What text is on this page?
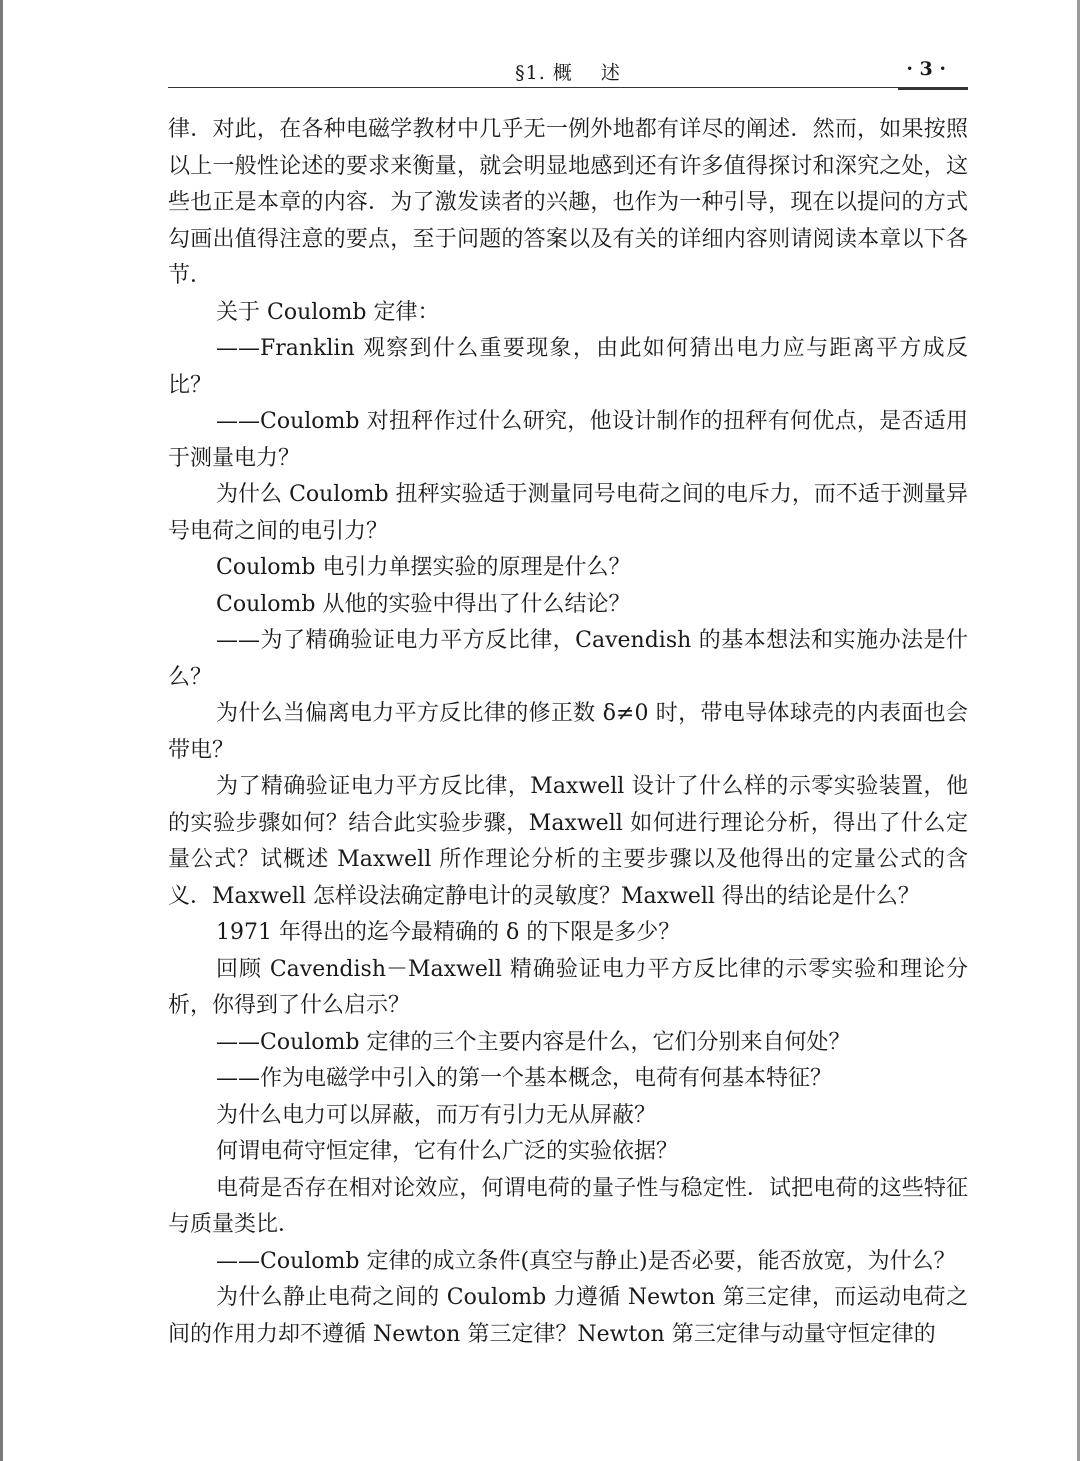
§1. 概 述	· 3 ·

律．对此，在各种电磁学教材中几乎无一例外地都有详尽的阐述．然而，如果按照以上一般性论述的要求来衡量，就会明显地感到还有许多值得探讨和深究之处，这些也正是本章的内容．为了激发读者的兴趣，也作为一种引导，现在以提问的方式勾画出值得注意的要点，至于问题的答案以及有关的详细内容则请阅读本章以下各节．

关于 Coulomb 定律：

——Franklin 观察到什么重要现象，由此如何猜出电力应与距离平方成反比？

——Coulomb 对扭秤作过什么研究，他设计制作的扭秤有何优点，是否适用于测量电力？

为什么 Coulomb 扭秤实验适于测量同号电荷之间的电斥力，而不适于测量异号电荷之间的电引力？

Coulomb 电引力单摆实验的原理是什么？

Coulomb 从他的实验中得出了什么结论？

——为了精确验证电力平方反比律，Cavendish 的基本想法和实施办法是什么？

为什么当偏离电力平方反比律的修正数 δ≠0 时，带电导体球壳的内表面也会带电？

为了精确验证电力平方反比律，Maxwell 设计了什么样的示零实验装置，他的实验步骤如何？结合此实验步骤，Maxwell 如何进行理论分析，得出了什么定量公式？试概述 Maxwell 所作理论分析的主要步骤以及他得出的定量公式的含义．Maxwell 怎样设法确定静电计的灵敏度？Maxwell 得出的结论是什么？

1971 年得出的迄今最精确的 δ 的下限是多少？

回顾 Cavendish－Maxwell 精确验证电力平方反比律的示零实验和理论分析，你得到了什么启示？

——Coulomb 定律的三个主要内容是什么，它们分别来自何处？

——作为电磁学中引入的第一个基本概念，电荷有何基本特征？

为什么电力可以屏蔽，而万有引力无从屏蔽？

何谓电荷守恒定律，它有什么广泛的实验依据？

电荷是否存在相对论效应，何谓电荷的量子性与稳定性．试把电荷的这些特征与质量类比．

——Coulomb 定律的成立条件(真空与静止)是否必要，能否放宽，为什么？

为什么静止电荷之间的 Coulomb 力遵循 Newton 第三定律，而运动电荷之间的作用力却不遵循 Newton 第三定律？Newton 第三定律与动量守恒定律的
